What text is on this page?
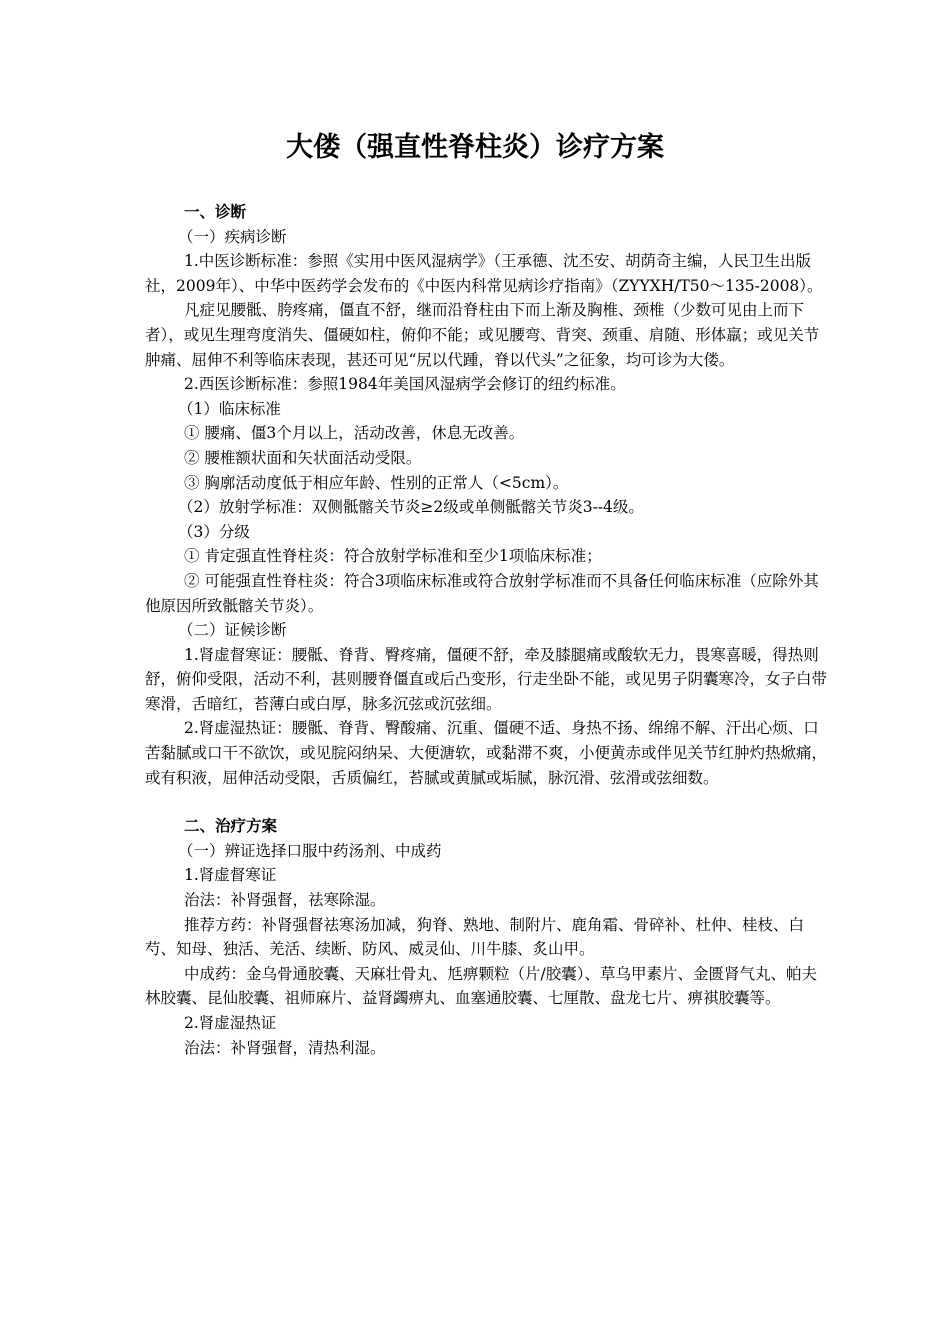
大偻（强直性脊柱炎）诊疗方案

一、诊断

（一）疾病诊断

1.中医诊断标准：参照《实用中医风湿病学》（王承德、沈丕安、胡荫奇主编，人民卫生出版社，2009年）、中华中医药学会发布的《中医内科常见病诊疗指南》（ZYYXH/T50～135-2008）。

凡症见腰骶、胯疼痛，僵直不舒，继而沿脊柱由下而上渐及胸椎、颈椎（少数可见由上而下者），或见生理弯度消失、僵硬如柱，俯仰不能；或见腰弯、背突、颈重、肩随、形体羸；或见关节肿痛、屈伸不利等临床表现，甚还可见“尻以代踵，脊以代头”之征象，均可诊为大偻。

2.西医诊断标准：参照1984年美国风湿病学会修订的纽约标准。

（1）临床标准

① 腰痛、僵3个月以上，活动改善，休息无改善。

② 腰椎额状面和矢状面活动受限。

③ 胸廓活动度低于相应年龄、性别的正常人（<5cm）。

（2）放射学标准：双侧骶髂关节炎≥2级或单侧骶髂关节炎3--4级。

（3）分级

① 肯定强直性脊柱炎：符合放射学标准和至少1项临床标准；

② 可能强直性脊柱炎：符合3项临床标准或符合放射学标准而不具备任何临床标准（应除外其他原因所致骶髂关节炎）。

（二）证候诊断

1.肾虚督寒证：腰骶、脊背、臀疼痛，僵硬不舒，牵及膝腿痛或酸软无力，畏寒喜暖，得热则舒，俯仰受限，活动不利，甚则腰脊僵直或后凸变形，行走坐卧不能，或见男子阴囊寒冷，女子白带寒滑，舌暗红，苔薄白或白厚，脉多沉弦或沉弦细。

2.肾虚湿热证：腰骶、脊背、臀酸痛、沉重、僵硬不适、身热不扬、绵绵不解、汗出心烦、口苦黏腻或口干不欲饮，或见脘闷纳呆、大便溏软，或黏滞不爽，小便黄赤或伴见关节红肿灼热焮痛，或有积液，屈伸活动受限，舌质偏红，苔腻或黄腻或垢腻，脉沉滑、弦滑或弦细数。

二、治疗方案

（一）辨证选择口服中药汤剂、中成药

1.肾虚督寒证

治法：补肾强督，祛寒除湿。

推荐方药：补肾强督祛寒汤加减，狗脊、熟地、制附片、鹿角霜、骨碎补、杜仲、桂枝、白芍、知母、独活、羌活、续断、防风、威灵仙、川牛膝、炙山甲。

中成药：金乌骨通胶囊、天麻壮骨丸、尪痹颗粒（片/胶囊）、草乌甲素片、金匮肾气丸、帕夫林胶囊、昆仙胶囊、祖师麻片、益肾蠲痹丸、血塞通胶囊、七厘散、盘龙七片、痹祺胶囊等。

2.肾虚湿热证

治法：补肾强督，清热利湿。
